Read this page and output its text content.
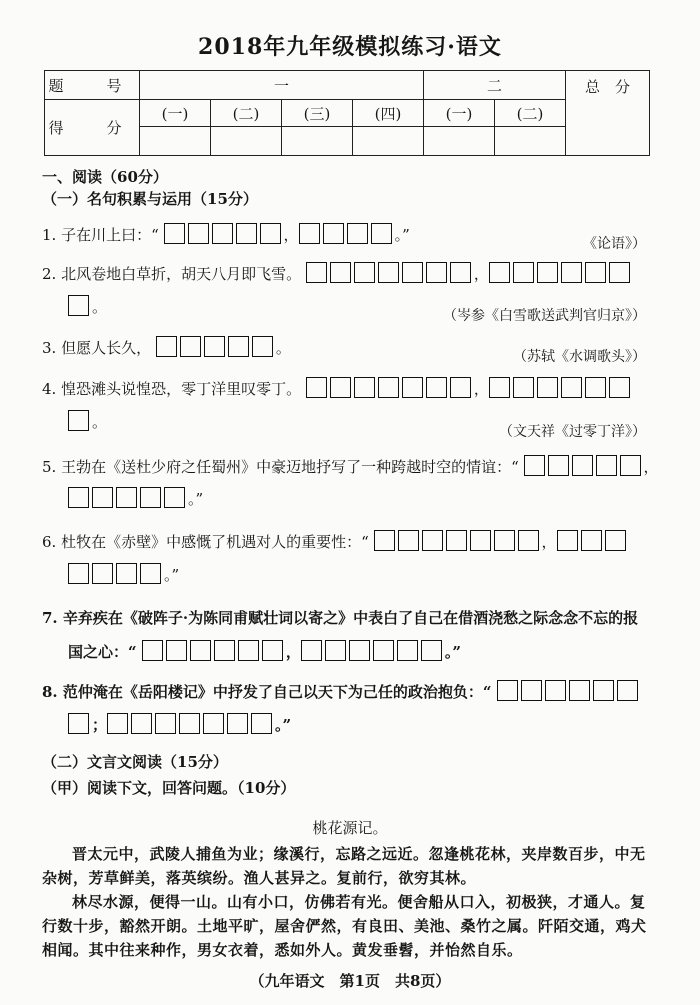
2018年九年级模拟练习·语文
题　号	一				二		总　分
得　分	(一)	(二)	(三)	(四)	(一)	(二)	

一、阅读（60分）
（一）名句积累与运用（15分）
1. 子在川上曰：“	，	。”	《论语》）
2. 北风卷地白草折，胡天八月即飞雪。	，
。	（岑参《白雪歌送武判官归京》）
3. 但愿人长久，	。	（苏轼《水调歌头》）
4. 惶恐滩头说惶恐，零丁洋里叹零丁。	，
。
（文天祥《过零丁洋》）
5. 王勃在《送杜少府之任蜀州》中豪迈地抒写了一种跨越时空的情谊：“	，
。”
6. 杜牧在《赤壁》中感慨了机遇对人的重要性：“	，
。”
7. 辛弃疾在《破阵子·为陈同甫赋壮词以寄之》中表白了自己在借酒浇愁之际念念不忘的报
国之心：“	，	。”
8. 范仲淹在《岳阳楼记》中抒发了自己以天下为己任的政治抱负：“
；	。”
（二）文言文阅读（15分）
（甲）阅读下文，回答问题。（10分）
桃花源记。
晋太元中，武陵人捕鱼为业；缘溪行，忘路之远近。忽逢桃花林，夹岸数百步，中无杂树，芳草鲜美，落英缤纷。渔人甚异之。复前行，欲穷其林。
林尽水源，便得一山。山有小口，仿佛若有光。便舍船从口入，初极狭，才通人。复行数十步，豁然开朗。土地平旷，屋舍俨然，有良田、美池、桑竹之属。阡陌交通，鸡犬相闻。其中往来种作，男女衣着，悉如外人。黄发垂髫，并怡然自乐。
（九年语文　第1页　共8页）
